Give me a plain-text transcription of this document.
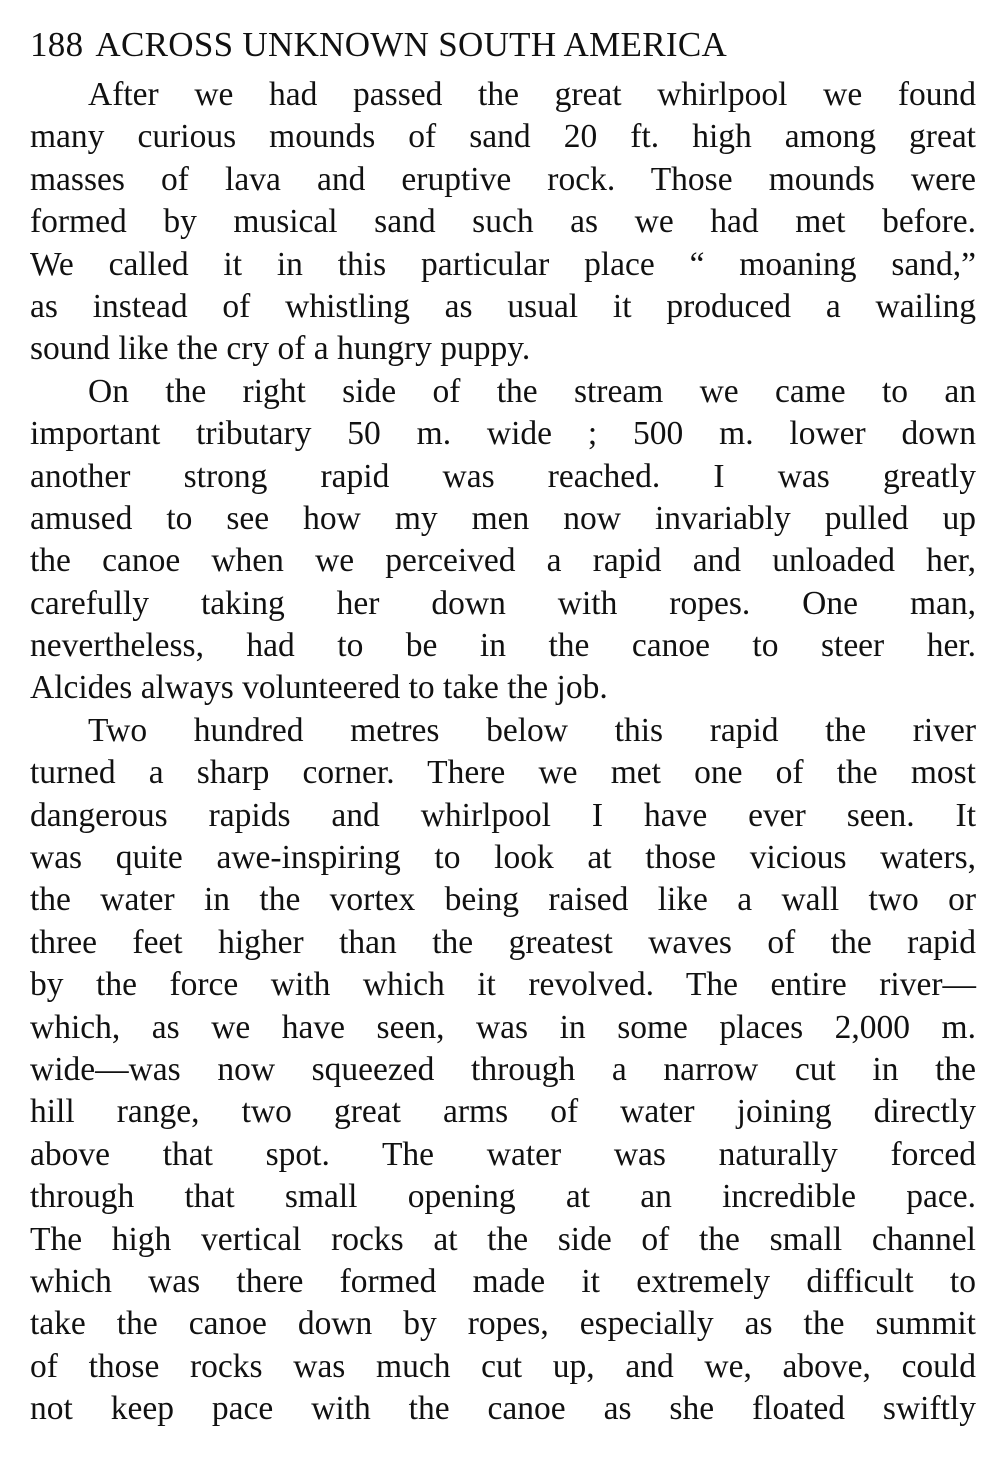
188 ACROSS UNKNOWN SOUTH AMERICA
After we had passed the great whirlpool we found
many curious mounds of sand 20 ft. high among great
masses of lava and eruptive rock. Those mounds were
formed by musical sand such as we had met before.
We called it in this particular place “ moaning sand,”
as instead of whistling as usual it produced a wailing
sound like the cry of a hungry puppy.
On the right side of the stream we came to an
important tributary 50 m. wide ; 500 m. lower down
another strong rapid was reached. I was greatly
amused to see how my men now invariably pulled up
the canoe when we perceived a rapid and unloaded her,
carefully taking her down with ropes. One man,
nevertheless, had to be in the canoe to steer her.
Alcides always volunteered to take the job.
Two hundred metres below this rapid the river
turned a sharp corner. There we met one of the most
dangerous rapids and whirlpool I have ever seen. It
was quite awe-inspiring to look at those vicious waters,
the water in the vortex being raised like a wall two or
three feet higher than the greatest waves of the rapid
by the force with which it revolved. The entire river—
which, as we have seen, was in some places 2,000 m.
wide—was now squeezed through a narrow cut in the
hill range, two great arms of water joining directly
above that spot. The water was naturally forced
through that small opening at an incredible pace.
The high vertical rocks at the side of the small channel
which was there formed made it extremely difficult to
take the canoe down by ropes, especially as the summit
of those rocks was much cut up, and we, above, could
not keep pace with the canoe as she floated swiftly
